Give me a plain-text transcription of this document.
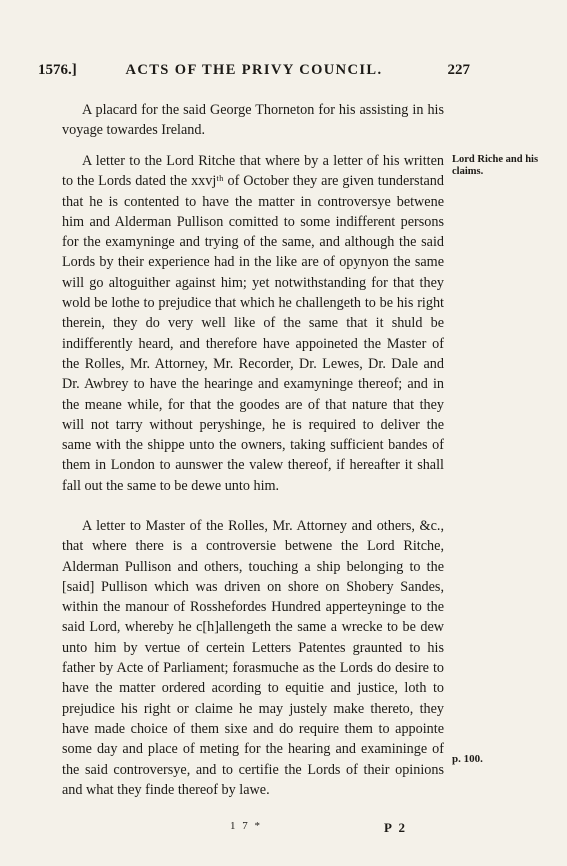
1576.]	ACTS OF THE PRIVY COUNCIL.	227

A placard for the said George Thorneton for his assisting in his voyage towardes Ireland.

A letter to the Lord Ritche that where by a letter of his written to the Lords dated the xxvjᵗʰ of October they are given tunderstand that he is contented to have the matter in controversye betwene him and Alderman Pullison comitted to some indifferent persons for the examyninge and trying of the same, and although the said Lords by their experience had in the like are of opynyon the same will go altoguither against him; yet notwithstanding for that they wold be lothe to prejudice that which he challengeth to be his right therein, they do very well like of the same that it shuld be indifferently heard, and therefore have appoineted the Master of the Rolles, Mr. Attorney, Mr. Recorder, Dr. Lewes, Dr. Dale and Dr. Awbrey to have the hearinge and examyninge thereof; and in the meane while, for that the goodes are of that nature that they will not tarry without peryshinge, he is required to deliver the same with the shippe unto the owners, taking sufficient bandes of them in London to aunswer the valew thereof, if hereafter it shall fall out the same to be dewe unto him.

A letter to Master of the Rolles, Mr. Attorney and others, &c., that where there is a controversie betwene the Lord Ritche, Alderman Pullison and others, touching a ship belonging to the [said] Pullison which was driven on shore on Shobery Sandes, within the manour of Rosshefordes Hundred apperteyninge to the said Lord, whereby he c[h]allengeth the same a wrecke to be dew unto him by vertue of certein Letters Patentes graunted to his father by Acte of Parliament; forasmuche as the Lords do desire to have the matter ordered acording to equitie and justice, loth to prejudice his right or claime he may justely make thereto, they have made choice of them sixe and do require them to appointe some day and place of meting for the hearing and examininge of the said controversye, and to certifie the Lords of their opinions and what they finde thereof by lawe.

Lord Riche and his claims.
p. 100.
1 7 *	P 2
